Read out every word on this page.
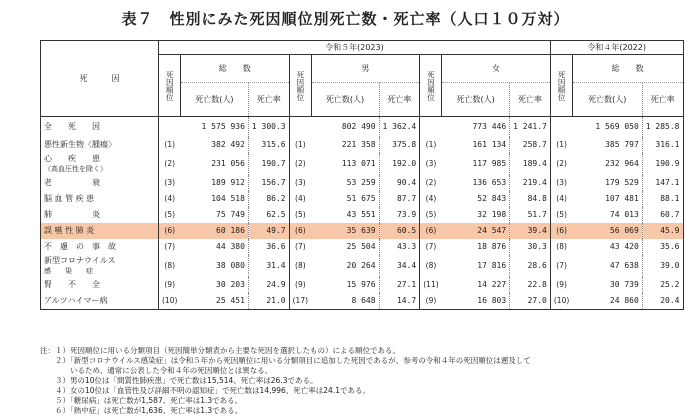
表７　性別にみた死因順位別死亡数・死亡率（人口１０万対）
死　　　因	令和５年(2023)									令和４年(2022)		

	死因順位	総　　数		死因順位	男		死因順位	女		死因順位	総　　数	
		死亡数(人)	死亡率		死亡数(人)	死亡率		死亡数(人)	死亡率		死亡数(人)	死亡率
全　　死　　因		1 575 936	1 300.3		802 490	1 362.4		773 446	1 241.7		1 569 050	1 285.8
悪性新生物〈腫瘍〉	(1)	382 492	315.6	(1)	221 358	375.8	(1)	161 134	258.7	(1)	385 797	316.1

心　　疾　　患
（高血圧性を除く）	(2)	231 056	190.7	(2)	113 071	192.0	(3)	117 985	189.4	(2)	232 964	190.9
老　　　　　衰	(3)	189 912	156.7	(3)	53 259	90.4	(2)	136 653	219.4	(3)	179 529	147.1
脳 血 管 疾 患	(4)	104 518	86.2	(4)	51 675	87.7	(4)	52 843	84.8	(4)	107 481	88.1
肺　　　　　炎	(5)	75 749	62.5	(5)	43 551	73.9	(5)	32 198	51.7	(5)	74 013	60.7
誤 嚥 性 肺 炎	(6)	60 186	49.7	(6)	35 639	60.5	(6)	24 547	39.4	(6)	56 069	45.9
不　慮　の　事　故	(7)	44 380	36.6	(7)	25 504	43.3	(7)	18 876	30.3	(8)	43 420	35.6

新型コロナウイルス
感　　染　　症	(8)	38 080	31.4	(8)	20 264	34.4	(8)	17 816	28.6	(7)	47 638	39.0
腎　　不　　全	(9)	30 203	24.9	(9)	15 976	27.1	(11)	14 227	22.8	(9)	30 739	25.2
アルツハイマー病	(10)	25 451	21.0	(17)	8 648	14.7	(9)	16 803	27.0	(10)	24 860	20.4
注：１）死因順位に用いる分類項目（死因簡単分類表から主要な死因を選択したもの）による順位である。
　　２）「新型コロナウイルス感染症」は令和５年から死因順位に用いる分類項目に追加した死因であるが、参考の令和４年の死因順位は遡及して
　　　　いるため、通常に公表した令和４年の死因順位とは異なる。
　　３）男の10位は「間質性肺疾患」で死亡数は15,514、死亡率は26.3である。
　　４）女の10位は「血管性及び詳細不明の認知症」で死亡数は14,996、死亡率は24.1である。
　　５）「糖尿病」は死亡数が1,587、死亡率は1.3である。
　　６）「熱中症」は死亡数が1,636、死亡率は1.3である。
